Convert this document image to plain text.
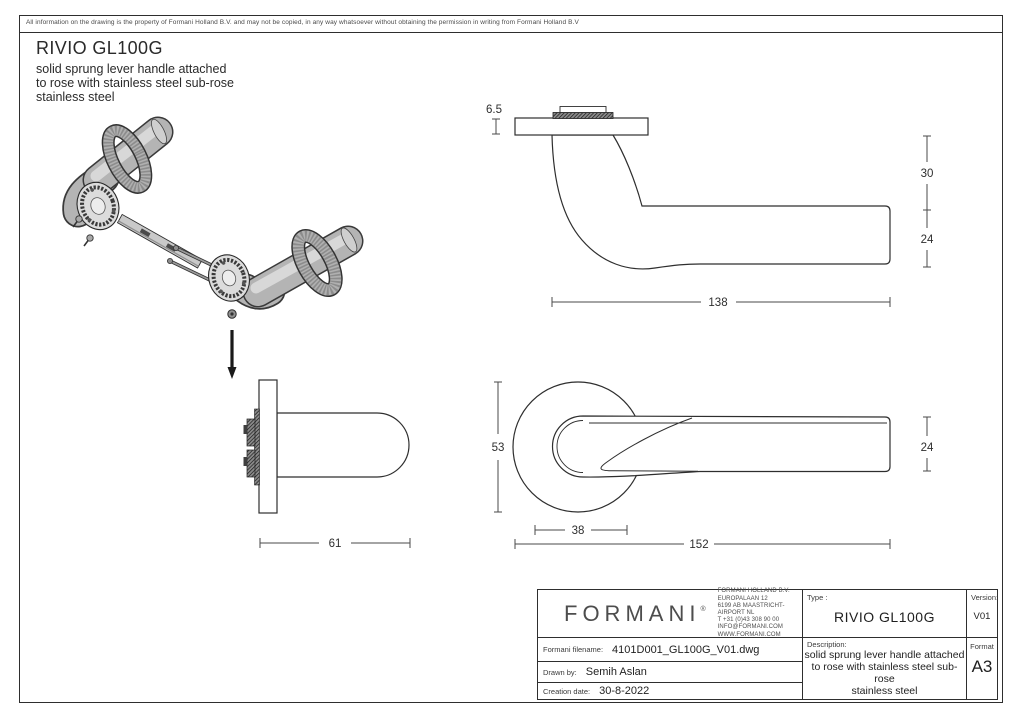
All information on the drawing is the property of Formani Holland B.V. and may not be copied, in any way whatsoever without obtaining the permission in writing from Formani Holland B.V
RIVIO GL100G
solid sprung lever handle attached
to rose with stainless steel sub-rose
stainless steel
6.5
138
30
24
61
53
38
152
24
FORMANI®
FORMANI HOLLAND B.V.
EUROPALAAN 12
6199 AB MAASTRICHT-AIRPORT NL
T +31 (0)43 308 90 00
INFO@FORMANI.COM
WWW.FORMANI.COM
Type :
RIVIO GL100G
Version:
V01
Formani filename: 4101D001_GL100G_V01.dwg
Drawn by: Semih Aslan
Creation date: 30-8-2022
Description:
solid sprung lever handle attached
to rose with stainless steel sub-rose
stainless steel
Format
A3
